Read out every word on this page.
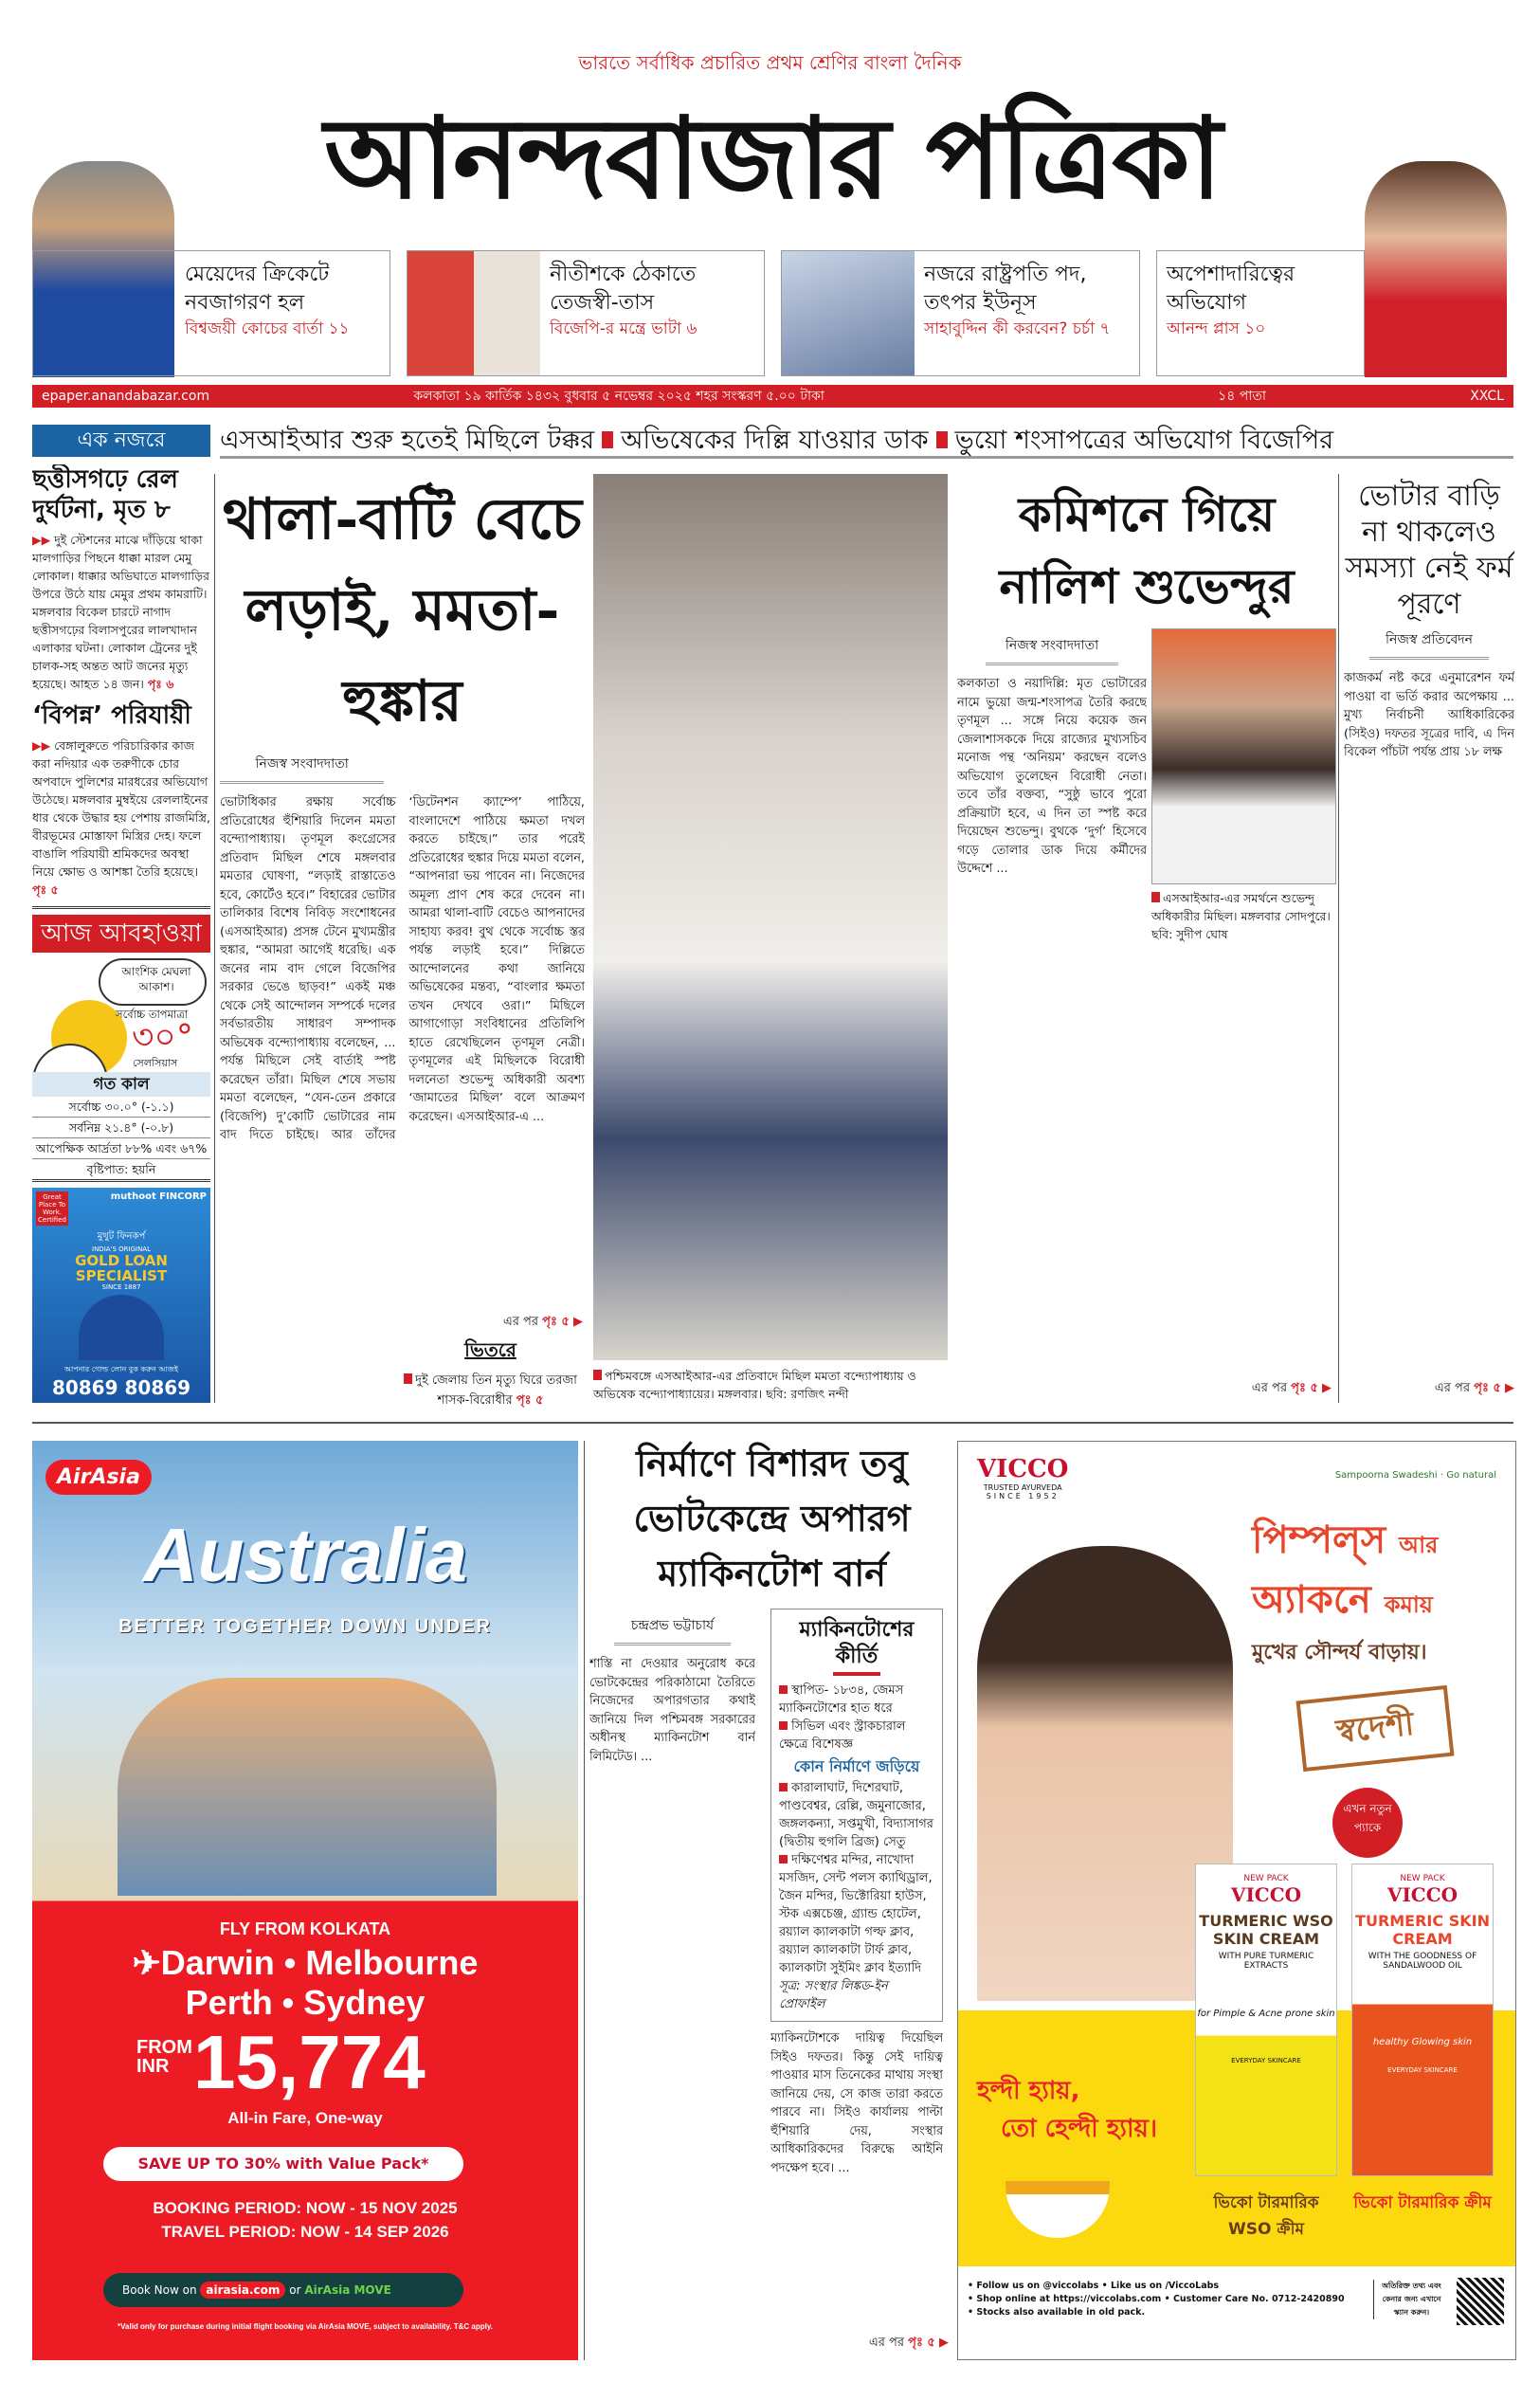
ভারতে সর্বাধিক প্রচারিত প্রথম শ্রেণির বাংলা দৈনিক
আনন্দবাজার পত্রিকা
মেয়েদের ক্রিকেটে নবজাগরণ হল
বিশ্বজয়ী কোচের বার্তা ১১
নীতীশকে ঠেকাতে তেজস্বী-তাস
বিজেপি-র মন্ত্রে ভাটা ৬
নজরে রাষ্ট্রপতি পদ, তৎপর ইউনূস
সাহাবুদ্দিন কী করবেন? চর্চা ৭
অপেশাদারিত্বের অভিযোগ
আনন্দ প্লাস ১০
epaper.anandabazar.com	কলকাতা ১৯ কার্তিক ১৪৩২ বুধবার ৫ নভেম্বর ২০২৫ শহর সংস্করণ ৫.০০ টাকা	১৪ পাতা	XXCL
এক নজরে	এসআইআর শুরু হতেই মিছিলে টক্কর অভিষেকের দিল্লি যাওয়ার ডাক ভুয়ো শংসাপত্রের অভিযোগ বিজেপির
ছত্তীসগঢ়ে রেল দুর্ঘটনা, মৃত ৮
▶▶ দুই স্টেশনের মাঝে দাঁড়িয়ে থাকা মালগাড়ির পিছনে ধাক্কা মারল মেমু লোকাল। ধাক্কার অভিঘাতে মালগাড়ির উপরে উঠে যায় মেমুর প্রথম কামরাটি। মঙ্গলবার বিকেল চারটে নাগাদ ছত্তীসগঢ়ের বিলাসপুরের লালখাদান এলাকার ঘটনা। লোকাল ট্রেনের দুই চালক-সহ অন্তত আট জনের মৃত্যু হয়েছে। আহত ১৪ জন। পৃঃ ৬
‘বিপন্ন’ পরিযায়ী
▶▶ বেঙ্গালুরুতে পরিচারিকার কাজ করা নদিয়ার এক তরুণীকে চোর অপবাদে পুলিশের মারধরের অভিযোগ উঠেছে। মঙ্গলবার মুম্বইয়ে রেললাইনের ধার থেকে উদ্ধার হয় পেশায় রাজমিস্ত্রি, বীরভূমের মোস্তাফা মিস্ত্রির দেহ। ফলে বাঙালি পরিযায়ী শ্রমিকদের অবস্থা নিয়ে ক্ষোভ ও আশঙ্কা তৈরি হয়েছে। পৃঃ ৫
আজ আবহাওয়া
আংশিক মেঘলা আকাশ।
সর্বোচ্চ তাপমাত্রা
৩০°
সেলসিয়াস
গত কাল
সর্বোচ্চ ৩০.০° (-১.১)
সর্বনিম্ন ২১.৪° (-০.৮)
আপেক্ষিক আর্দ্রতা ৮৮% এবং ৬৭%
বৃষ্টিপাত: হয়নি
Great Place To Work. Certified
muthoot FINCORP
মুথুট ফিনকর্প
INDIA'S ORIGINAL
GOLD LOAN SPECIALIST
SINCE 1887
আপনার গোল্ড লোন বুক করুন আজই
80869 80869
থালা-বাটি বেচে লড়াই, মমতা-হুঙ্কার
নিজস্ব সংবাদদাতা
ভোটাধিকার রক্ষায় সর্বোচ্চ প্রতিরোধের হুঁশিয়ারি দিলেন মমতা বন্দ্যোপাধ্যায়। তৃণমূল কংগ্রেসের প্রতিবাদ মিছিল শেষে মঙ্গলবার মমতার ঘোষণা, “লড়াই রাস্তাতেও হবে, কোর্টেও হবে।” বিহারের ভোটার তালিকার বিশেষ নিবিড় সংশোধনের (এসআইআর) প্রসঙ্গ টেনে মুখ্যমন্ত্রীর হুঙ্কার, “আমরা আগেই ধরেছি। এক জনের নাম বাদ গেলে বিজেপির সরকার ভেঙে ছাড়ব!” একই মঞ্চ থেকে সেই আন্দোলন সম্পর্কে দলের সর্বভারতীয় সাধারণ সম্পাদক অভিষেক বন্দ্যোপাধ্যায় বলেছেন, ... পর্যন্ত মিছিলে সেই বার্তাই স্পষ্ট করেছেন তাঁরা। মিছিল শেষে সভায় মমতা বলেছেন, “যেন-তেন প্রকারে (বিজেপি) দু’কোটি ভোটারের নাম বাদ দিতে চাইছে। আর তাঁদের ‘ডিটেনশন ক্যাম্পে’ পাঠিয়ে, বাংলাদেশে পাঠিয়ে ক্ষমতা দখল করতে চাইছে।” তার পরেই প্রতিরোধের হুঙ্কার দিয়ে মমতা বলেন, “আপনারা ভয় পাবেন না। নিজেদের অমূল্য প্রাণ শেষ করে দেবেন না। আমরা থালা-বাটি বেচেও আপনাদের সাহায্য করব! বুথ থেকে সর্বোচ্চ স্তর পর্যন্ত লড়াই হবে।” দিল্লিতে আন্দোলনের কথা জানিয়ে অভিষেকের মন্তব্য, “বাংলার ক্ষমতা তখন দেখবে ওরা।” মিছিলে আগাগোড়া সংবিধানের প্রতিলিপি হাতে রেখেছিলেন তৃণমূল নেত্রী। তৃণমূলের এই মিছিলকে বিরোধী দলনেতা শুভেন্দু অধিকারী অবশ্য ‘জামাতের মিছিল’ বলে আক্রমণ করেছেন। এসআইআর-এ ...
এর পর পৃঃ ৫ ▶
ভিতরে
দুই জেলায় তিন মৃত্যু ঘিরে তরজা শাসক-বিরোধীর পৃঃ ৫
পশ্চিমবঙ্গে এসআইআর-এর প্রতিবাদে মিছিল মমতা বন্দ্যোপাধ্যায় ও অভিষেক বন্দ্যোপাধ্যায়ের। মঙ্গলবার। ছবি: রণজিৎ নন্দী
কমিশনে গিয়ে নালিশ শুভেন্দুর
নিজস্ব সংবাদদাতা
কলকাতা ও নয়াদিল্লি: মৃত ভোটারের নামে ভুয়ো জন্ম-শংসাপত্র তৈরি করছে তৃণমূল ... সঙ্গে নিয়ে কয়েক জন জেলাশাসককে দিয়ে রাজ্যের মুখ্যসচিব মনোজ পন্থ ‘অনিয়ম’ করছেন বলেও অভিযোগ তুলেছেন বিরোধী নেতা। তবে তাঁর বক্তব্য, “সুষ্ঠু ভাবে পুরো প্রক্রিয়াটা হবে, এ দিন তা স্পষ্ট করে দিয়েছেন শুভেন্দু। বুথকে ‘দুর্গ’ হিসেবে গড়ে তোলার ডাক দিয়ে কর্মীদের উদ্দেশে ...
এসআইআর-এর সমর্থনে শুভেন্দু অধিকারীর মিছিল। মঙ্গলবার সোদপুরে। ছবি: সুদীপ ঘোষ
এর পর পৃঃ ৫ ▶
ভোটার বাড়ি না থাকলেও সমস্যা নেই ফর্ম পূরণে
নিজস্ব প্রতিবেদন
কাজকর্ম নষ্ট করে এনুমারেশন ফর্ম পাওয়া বা ভর্তি করার অপেক্ষায় ... মুখ্য নির্বাচনী আধিকারিকের (সিইও) দফতর সূত্রের দাবি, এ দিন বিকেল পাঁচটা পর্যন্ত প্রায় ১৮ লক্ষ
এর পর পৃঃ ৫ ▶
AirAsia
Australia
BETTER TOGETHER DOWN UNDER
FLY FROM KOLKATA
✈Darwin • Melbourne
Perth • Sydney
FROM
INR 15,774
All-in Fare, One-way
SAVE UP TO 30% with Value Pack*
BOOKING PERIOD: NOW - 15 NOV 2025
TRAVEL PERIOD: NOW - 14 SEP 2026
Book Now on airasia.com or AirAsia MOVE
*Valid only for purchase during initial flight booking via AirAsia MOVE, subject to availability. T&C apply.
নির্মাণে বিশারদ তবু ভোটকেন্দ্রে অপারগ ম্যাকিনটোশ বার্ন
চন্দ্রপ্রভ ভট্টাচার্য
শাস্তি না দেওয়ার অনুরোধ করে ভোটকেন্দ্রের পরিকাঠামো তৈরিতে নিজেদের অপারগতার কথাই জানিয়ে দিল পশ্চিমবঙ্গ সরকারের অধীনস্থ ম্যাকিনটোশ বার্ন লিমিটেড। ...
ম্যাকিনটোশের কীর্তি
স্থাপিত- ১৮৩৪, জেমস ম্যাকিনটোশের হাত ধরে
সিভিল এবং স্ট্রাকচারাল ক্ষেত্রে বিশেষজ্ঞ
কোন নির্মাণে জড়িয়ে
কারালাঘাট, দিশেরঘাট, পাণ্ডবেশ্বর, রেল্লি, জমুনাজোর, জঙ্গলকন্যা, সপ্তমুখী, বিদ্যাসাগর (দ্বিতীয় হুগলি ব্রিজ) সেতু
দক্ষিণেশ্বর মন্দির, নাখোদা মসজিদ, সেন্ট পলস ক্যাথিড্রাল, জৈন মন্দির, ভিক্টোরিয়া হাউস, স্টক এক্সচেঞ্জ, গ্র্যান্ড হোটেল, রয়্যাল ক্যালকাটা গল্ফ ক্লাব, রয়্যাল ক্যালকাটা টার্ফ ক্লাব, ক্যালকাটা সুইমিং ক্লাব ইত্যাদি
সূত্র: সংস্থার লিঙ্কড-ইন প্রোফাইল
ম্যাকিনটোশকে দায়িত্ব দিয়েছিল সিইও দফতর। কিন্তু সেই দায়িত্ব পাওয়ার মাস তিনেকের মাথায় সংস্থা জানিয়ে দেয়, সে কাজ তারা করতে পারবে না। সিইও কার্যালয় পাল্টা হুঁশিয়ারি দেয়, সংস্থার আধিকারিকদের বিরুদ্ধে আইনি পদক্ষেপ হবে। ...
এর পর পৃঃ ৫ ▶
VICCO
TRUSTED AYURVEDA
SINCE 1952
Sampoorna Swadeshi · Go natural
পিম্পল্স আর
অ্যাকনে কমায়
মুখের সৌন্দর্য বাড়ায়।
স্বদেশী
এখন নতুন প্যাকে
হল্দী হ্যায়,
তো হেল্দী হ্যায়।
NEW PACK
VICCO
TURMERIC WSO SKIN CREAM
WITH PURE TURMERIC EXTRACTS
for Pimple & Acne prone skin
EVERYDAY SKINCARE
NEW PACK
VICCO
TURMERIC SKIN CREAM
WITH THE GOODNESS OF SANDALWOOD OIL
healthy Glowing skin
EVERYDAY SKINCARE
ভিকো টারমারিক WSO ক্রীম
ভিকো টারমারিক ক্রীম
• Follow us on @viccolabs • Like us on /ViccoLabs
• Shop online at https://viccolabs.com • Customer Care No. 0712-2420890
• Stocks also available in old pack.
অতিরিক্ত তথ্য এবং কেনার জন্য এখানে স্ক্যান করুন।
